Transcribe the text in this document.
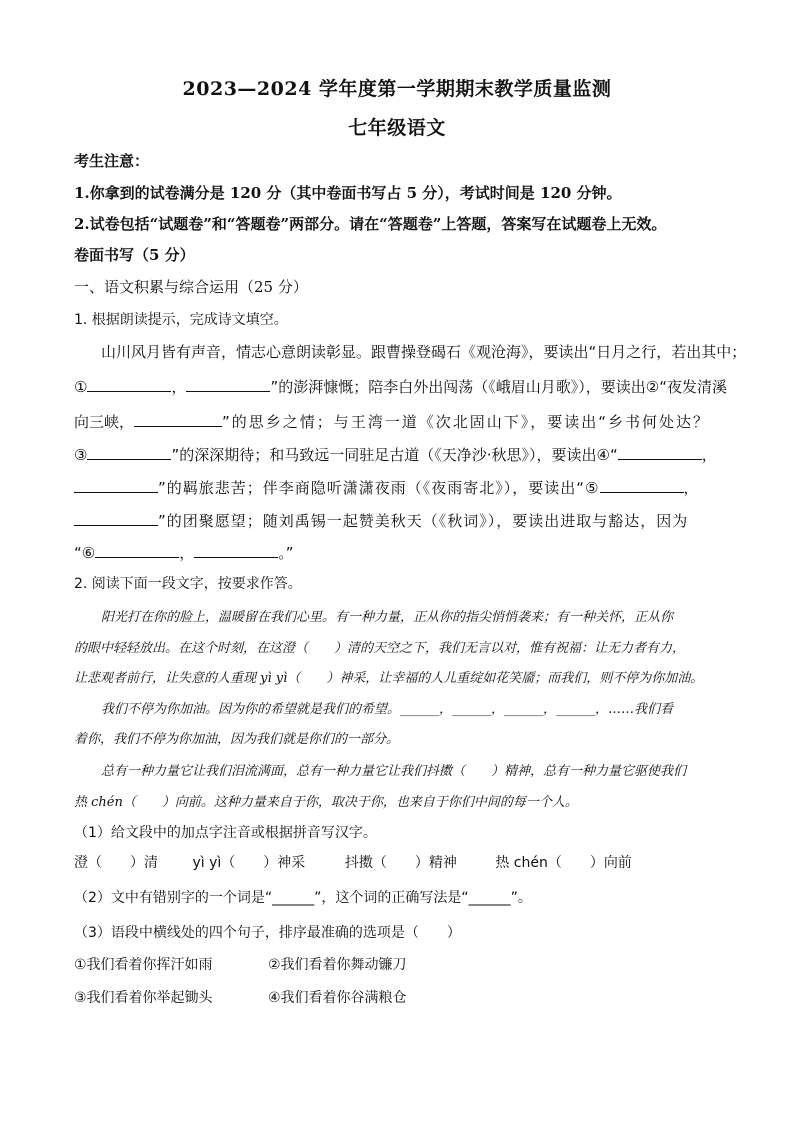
2023—2024 学年度第一学期期末教学质量监测
七年级语文
考生注意：
1.你拿到的试卷满分是 120 分（其中卷面书写占 5 分），考试时间是 120 分钟。
2.试卷包括“试题卷”和“答题卷”两部分。请在“答题卷”上答题，答案写在试题卷上无效。
卷面书写（5 分）
一、语文积累与综合运用（25 分）
1. 根据朗读提示，完成诗文填空。
山川风月皆有声音，情志心意朗读彰显。跟曹操登碣石《观沧海》，要读出“日月之行，若出其中；
①	，	”的澎湃慷慨；陪李白外出闯荡（《峨眉山月歌》），要读出②“夜发清溪
向三峡，	”的思乡之情；与王湾一道《次北固山下》，要读出“乡书何处达？
③	”的深深期待；和马致远一同驻足古道（《天净沙·秋思》），要读出④“	，
”的羁旅悲苦；伴李商隐听潇潇夜雨（《夜雨寄北》），要读出“⑤	，
”的团聚愿望；随刘禹锡一起赞美秋天（《秋词》），要读出进取与豁达，因为
“⑥	，	。”
2. 阅读下面一段文字，按要求作答。
阳光打在你的脸上，温暖留在我们心里。有一种力量，正从你的指尖悄悄袭来；有一种关怀，正从你
的眼中轻轻放出。在这个时刻，在这澄（　　）清的天空之下，我们无言以对，惟有祝福：让无力者有力，
让悲观者前行，让失意的人重现 yì yì（　　）神采，让幸福的人儿重绽如花笑靥；而我们，则不停为你加油。
我们不停为你加油。因为你的希望就是我们的希望。______，______，______，______，……我们看
着你，我们不停为你加油，因为我们就是你们的一部分。
总有一种力量它让我们泪流满面，总有一种力量它让我们抖擞（　　）精神，总有一种力量它驱使我们
热 chén（　　）向前。这种力量来自于你，取决于你，也来自于你们中间的每一个人。
（1）给文段中的加点字注音或根据拼音写汉字。
澄（　　）清 yì yì（　　）神采	抖擞（　　）精神	热 chén（　　）向前
（2）文中有错别字的一个词是“______”，这个词的正确写法是“______”。
（3）语段中横线处的四个句子，排序最准确的选项是（　　）
①我们看着你挥汗如雨	②我们看着你舞动镰刀
③我们看着你举起锄头	④我们看着你谷满粮仓
